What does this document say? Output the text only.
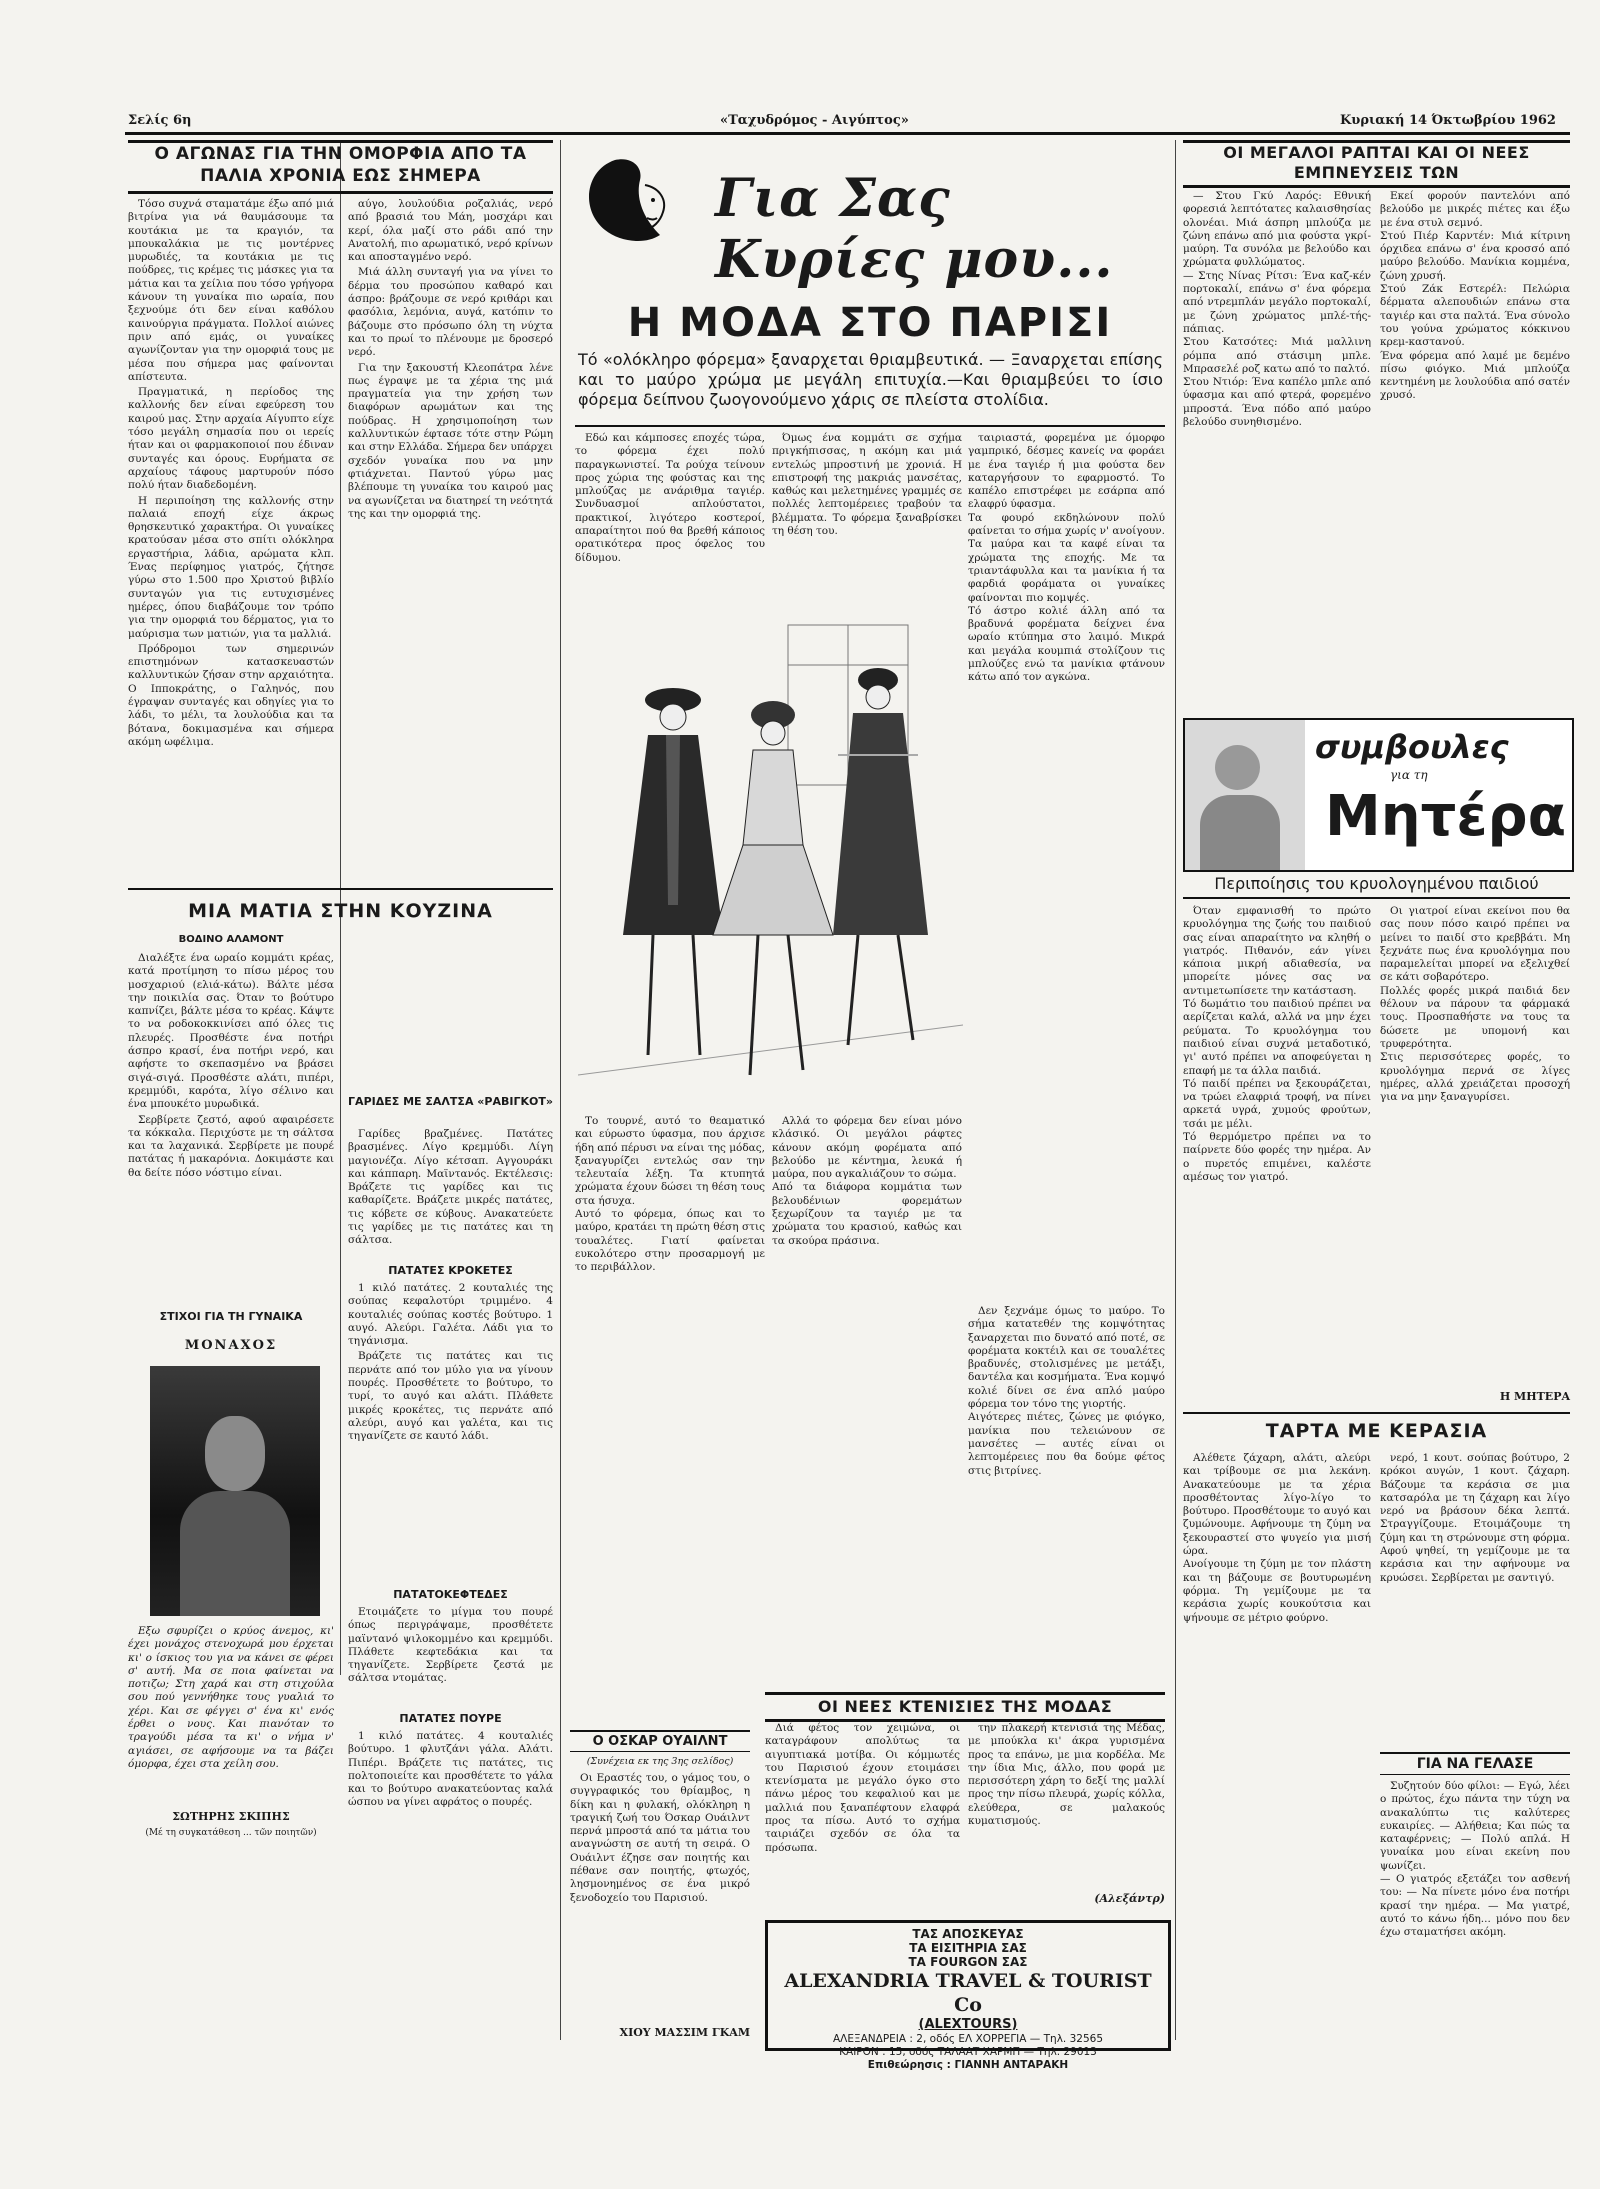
Σελίς 6η	«Ταχυδρόμος - Αιγύπτος»	Κυριακή 14 Όκτωβρίου 1962
Ο ΑΓΩΝΑΣ ΓΙΑ ΤΗΝ ΟΜΟΡΦΙΑ ΑΠΟ ΤΑ ΠΑΛΙΑ ΧΡΟΝΙΑ ΕΩΣ ΣΗΜΕΡΑ

Τόσο συχνά σταματάμε έξω από μιά βιτρίνα για νά θαυμάσουμε τα κουτάκια με τα κραγιόν, τα μπουκαλάκια με τις μοντέρνες μυρωδιές, τα κουτάκια με τις πούδρες, τις κρέμες τις μάσκες για τα μάτια και τα χείλια που τόσο γρήγορα κάνουν τη γυναίκα πιο ωραία, που ξεχνούμε ότι δεν είναι καθόλου καινούργια πράγματα. Πολλοί αιώνες πριν από εμάς, οι γυναίκες αγωνίζονταν για την ομορφιά τους με μέσα που σήμερα μας φαίνονται απίστευτα.

Πραγματικά, η περίοδος της καλλονής δεν είναι εφεύρεση του καιρού μας. Στην αρχαία Αίγυπτο είχε τόσο μεγάλη σημασία που οι ιερείς ήταν και οι φαρμακοποιοί που έδιναν συνταγές και όρους. Ευρήματα σε αρχαίους τάφους μαρτυρούν πόσο πολύ ήταν διαδεδομένη.

Η περιποίηση της καλλονής στην παλαιά εποχή είχε άκρως θρησκευτικό χαρακτήρα. Οι γυναίκες κρατούσαν μέσα στο σπίτι ολόκληρα εργαστήρια, λάδια, αρώματα κλπ. Ένας περίφημος γιατρός, ζήτησε γύρω στο 1.500 προ Χριστού βιβλίο συνταγών για τις ευτυχισμένες ημέρες, όπου διαβάζουμε τον τρόπο για την ομορφιά του δέρματος, για το μαύρισμα των ματιών, για τα μαλλιά.

Πρόδρομοι των σημερινών επιστημόνων κατασκευαστών καλλυντικών ζήσαν στην αρχαιότητα. Ο Ιπποκράτης, ο Γαληνός, που έγραψαν συνταγές και οδηγίες για το λάδι, το μέλι, τα λουλούδια και τα βότανα, δοκιμασμένα και σήμερα ακόμη ωφέλιμα.

αύγο, λουλούδια ροζαλιάς, νερό από βρασιά του Μάη, μοσχάρι και κερί, όλα μαζί στο ράδι από την Ανατολή, πιο αρωματικό, νερό κρίνων και αποσταγμένο νερό.

Μιά άλλη συνταγή για να γίνει το δέρμα του προσώπου καθαρό και άσπρο: βράζουμε σε νερό κριθάρι και φασόλια, λεμόνια, αυγά, κατόπιν το βάζουμε στο πρόσωπο όλη τη νύχτα και το πρωί το πλένουμε με δροσερό νερό.

Για την ξακουστή Κλεοπάτρα λένε πως έγραψε με τα χέρια της μιά πραγματεία για την χρήση των διαφόρων αρωμάτων και της πούδρας. Η χρησιμοποίηση των καλλυντικών έφτασε τότε στην Ρώμη και στην Ελλάδα. Σήμερα δεν υπάρχει σχεδόν γυναίκα που να μην φτιάχνεται. Παντού γύρω μας βλέπουμε τη γυναίκα του καιρού μας να αγωνίζεται να διατηρεί τη νεότητά της και την ομορφιά της.

ΜΙΑ ΜΑΤΙΑ ΣΤΗΝ ΚΟΥΖΙΝΑ
ΒΟΔΙΝΟ ΑΛΑΜΟΝΤ

Διαλέξτε ένα ωραίο κομμάτι κρέας, κατά προτίμηση το πίσω μέρος του μοσχαριού (ελιά-κάτω). Βάλτε μέσα την ποικιλία σας. Όταν το βούτυρο καπνίζει, βάλτε μέσα το κρέας. Κάψτε το να ροδοκοκκινίσει από όλες τις πλευρές. Προσθέστε ένα ποτήρι άσπρο κρασί, ένα ποτήρι νερό, και αφήστε το σκεπασμένο να βράσει σιγά-σιγά. Προσθέστε αλάτι, πιπέρι, κρεμμύδι, καρότα, λίγο σέλινο και ένα μπουκέτο μυρωδικά.

Σερβίρετε ζεστό, αφού αφαιρέσετε τα κόκκαλα. Περιχύστε με τη σάλτσα και τα λαχανικά. Σερβίρετε με πουρέ πατάτας ή μακαρόνια. Δοκιμάστε και θα δείτε πόσο νόστιμο είναι.

ΣΤΙΧΟΙ ΓΙΑ ΤΗ ΓΥΝΑΙΚΑ
ΜΟΝΑΧΟΣ

Εξω σφυρίζει ο κρύος άνεμος, κι' έχει μονάχος στενοχωρά μου έρχεται κι' ο ίσκιος του για να κάνει σε φέρει σ' αυτή. Μα σε ποια φαίνεται να ποτιζω; Στη χαρά και στη στιχούλα σου πού γεννήθηκε τους γυαλιά το χέρι. Και σε φέγγει σ' ένα κι' ενός έρθει ο νους. Και πιανόταν το τραγούδι μέσα τα κι' ο νήμα ν' αγιάσει, σε αφήσουμε να τα βάζει όμορφα, έχει στα χείλη σου.

ΣΩΤΗΡΗΣ ΣΚΙΠΗΣ
(Μέ τη συγκατάθεση ... τῶν ποιητῶν)
ΓΑΡΙΔΕΣ ΜΕ ΣΑΛΤΣΑ «ΡΑΒΙΓΚΟΤ»

Γαρίδες βραζμένες. Πατάτες βρασμένες. Λίγο κρεμμύδι. Λίγη μαγιονέζα. Λίγο κέτσαπ. Αγγουράκι και κάππαρη. Μαϊντανός. Εκτέλεσις: Βράζετε τις γαρίδες και τις καθαρίζετε. Βράζετε μικρές πατάτες, τις κόβετε σε κύβους. Ανακατεύετε τις γαρίδες με τις πατάτες και τη σάλτσα.

ΠΑΤΑΤΕΣ ΚΡΟΚΕΤΕΣ

1 κιλό πατάτες. 2 κουταλιές της σούπας κεφαλοτύρι τριμμένο. 4 κουταλιές σούπας κοστές βούτυρο. 1 αυγό. Αλεύρι. Γαλέτα. Λάδι για το τηγάνισμα.

Βράζετε τις πατάτες και τις περνάτε από τον μύλο για να γίνουν πουρές. Προσθέτετε το βούτυρο, το τυρί, το αυγό και αλάτι. Πλάθετε μικρές κροκέτες, τις περνάτε από αλεύρι, αυγό και γαλέτα, και τις τηγανίζετε σε καυτό λάδι.

ΠΑΤΑΤΟΚΕΦΤΕΔΕΣ

Ετοιμάζετε το μίγμα του πουρέ όπως περιγράψαμε, προσθέτετε μαϊντανό ψιλοκομμένο και κρεμμύδι. Πλάθετε κεφτεδάκια και τα τηγανίζετε. Σερβίρετε ζεστά με σάλτσα ντομάτας.

ΠΑΤΑΤΕΣ ΠΟΥΡΕ

1 κιλό πατάτες. 4 κουταλιές βούτυρο. 1 φλυτζάνι γάλα. Αλάτι. Πιπέρι. Βράζετε τις πατάτες, τις πολτοποιείτε και προσθέτετε το γάλα και το βούτυρο ανακατεύοντας καλά ώσπου να γίνει αφράτος ο πουρές.

Ο ΟΣΚΑΡ ΟΥΑΙΛΝΤ
(Συνέχεια εκ της 3ης σελίδος)

Οι Εραστές του, ο γάμος του, ο συγγραφικός του θρίαμβος, η δίκη και η φυλακή, ολόκληρη η τραγική ζωή του Όσκαρ Ουάιλντ περνά μπροστά από τα μάτια του αναγνώστη σε αυτή τη σειρά. Ο Ουάιλντ έζησε σαν ποιητής και πέθανε σαν ποιητής, φτωχός, λησμονημένος σε ένα μικρό ξενοδοχείο του Παρισιού.

ΧΙΟΥ ΜΑΣΣΙΜ ΓΚΑΜ
Για Σας Κυρίες μου...
Η ΜΟΔΑ ΣΤΟ ΠΑΡΙΣΙ
Τό «ολόκληρο φόρεμα» ξαναρχεται θριαμβευτικά. — Ξαναρχεται επίσης και το μαύρο χρώμα με μεγάλη επιτυχία.—Και θριαμβεύει το ίσιο φόρεμα δείπνου ζωογονούμενο χάρις σε πλείστα στολίδια.

Εδώ και κάμποσες εποχές τώρα, το φόρεμα έχει πολύ παραγκωνιστεί. Τα ρούχα τείνουν προς χώρια της φούστας και της μπλούζας με ανάριθμα ταγιέρ. Συνδυασμοί απλούστατοι, πρακτικοί, λιγότερο κοστεροί, απαραίτητοι πού θα βρεθή κάποιος ορατικότερα προς όφελος του δίδυμου.

Όμως ένα κομμάτι σε σχήμα πριγκήπισσας, η ακόμη και μιά εντελώς μπροστινή με χρονιά. Η επιστροφή της μακριάς μανσέτας, καθώς και μελετημένες γραμμές σε πολλές λεπτομέρειες τραβούν τα βλέμματα. Το φόρεμα ξαναβρίσκει τη θέση του.

ταιριαστά, φορεμένα με όμορφο γαμπρικό, δέσμες κανείς να φοράει με ένα ταγιέρ ή μια φούστα δεν καταργήσουν το εφαρμοστό. Το καπέλο επιστρέφει με εσάρπα από ελαφρύ ύφασμα.
Τα φουρό εκδηλώνουν πολύ φαίνεται το σήμα χωρίς ν' ανοίγουν. Τα μαύρα και τα καφέ είναι τα χρώματα της εποχής. Με τα τριαντάφυλλα και τα μανίκια ή τα φαρδιά φοράματα οι γυναίκες φαίνονται πιο κομψές.
Τό άστρο κολιέ άλλη από τα βραδυνά φορέματα δείχνει ένα ωραίο κτύπημα στο λαιμό. Μικρά και μεγάλα κουμπιά στολίζουν τις μπλούζες ενώ τα μανίκια φτάνουν κάτω από τον αγκώνα.

Το τουρνέ, αυτό το θεαματικό και εύρωστο ύφασμα, που άρχισε ήδη από πέρυσι να είναι της μόδας, ξαναγυρίζει εντελώς σαν την τελευταία λέξη. Τα κτυπητά χρώματα έχουν δώσει τη θέση τους στα ήσυχα.
Αυτό το φόρεμα, όπως και το μαύρο, κρατάει τη πρώτη θέση στις τουαλέτες. Γιατί φαίνεται ευκολότερο στην προσαρμογή με το περιβάλλον.

Αλλά το φόρεμα δεν είναι μόνο κλάσικό. Οι μεγάλοι ράφτες κάνουν ακόμη φορέματα από βελούδο με κέντημα, λευκά ή μαύρα, που αγκαλιάζουν το σώμα.
Από τα διάφορα κομμάτια των βελουδένιων φορεμάτων ξεχωρίζουν τα ταγιέρ με τα χρώματα του κρασιού, καθώς και τα σκούρα πράσινα.

Δεν ξεχνάμε όμως το μαύρο. Το σήμα κατατεθέν της κομψότητας ξαναρχεται πιο δυνατό από ποτέ, σε φορέματα κοκτέιλ και σε τουαλέτες βραδυνές, στολισμένες με μετάξι, δαντέλα και κοσμήματα. Ένα κομψό κολιέ δίνει σε ένα απλό μαύρο φόρεμα τον τόνο της γιορτής.
Αιγότερες πιέτες, ζώνες με φιόγκο, μανίκια που τελειώνουν σε μανσέτες — αυτές είναι οι λεπτομέρειες που θα δούμε φέτος στις βιτρίνες.

ΟΙ ΝΕΕΣ ΚΤΕΝΙΣΙΕΣ ΤΗΣ ΜΟΔΑΣ

Διά φέτος τον χειμώνα, οι καταγράφουν απολύτως τα αιγυπτιακά μοτίβα. Οι κόμμωτές του Παρισιού έχουν ετοιμάσει κτενίσματα με μεγάλο όγκο στο πάνω μέρος του κεφαλιού και με μαλλιά που ξαναπέφτουν ελαφρά προς τα πίσω. Αυτό το σχήμα ταιριάζει σχεδόν σε όλα τα πρόσωπα.

την πλακερή κτενισιά της Μέδας, με μπούκλα κι' άκρα γυρισμένα προς τα επάνω, με μια κορδέλα. Με την ίδια Μις, άλλο, που φορά με περισσότερη χάρη το δεξί της μαλλί προς την πίσω πλευρά, χωρίς κόλλα, ελεύθερα, σε μαλακούς κυματισμούς.

(Αλεξάντρ)
ΤΑΣ ΑΠΟΣΚΕΥΑΣ
ΤΑ ΕΙΣΙΤΗΡΙΑ ΣΑΣ
ΤΑ FOURGON ΣΑΣ
ALEXANDRIA TRAVEL & TOURIST Co
(ALEXTOURS)
ΑΛΕΞΑΝΔΡΕΙΑ : 2, οδός ΕΛ ΧΟΡΡΕΓΙΑ — Τηλ. 32565
ΚΑΙΡΟΝ : 15, οδός ΤΑΛΑΑΤ ΧΑΡΜΠ — Τηλ. 29013
Επιθεώρησις : ΓΙΑΝΝΗ ΑΝΤΑΡΑΚΗ
ΟΙ ΜΕΓΑΛΟΙ ΡΑΠΤΑΙ ΚΑΙ ΟΙ ΝΕΕΣ ΕΜΠΝΕΥΣΕΙΣ ΤΩΝ

— Στου Γκύ Λαρός: Εθνική φορεσιά λεπτότατες καλαισθησίας ολονέαι. Μιά άσπρη μπλούζα με ζώνη επάνω από μια φούστα γκρί-μαύρη. Τα συνόλα με βελούδο και χρώματα φυλλώματος.
— Στης Νίνας Ρίτσι: Ένα καζ-κέν πορτοκαλί, επάνω σ' ένα φόρεμα από ντρεμπλάν μεγάλο πορτοκαλί, με ζώνη χρώματος μπλέ-τής-πάπιας.
Στου Κατσότες: Μιά μαλλινη ρόμπα από στάσιμη μπλε. Μπρασελέ ροζ κατω από το παλτό.
Στου Ντιόρ: Ένα καπέλο μπλε από ύφασμα και από φτερά, φορεμένο μπροστά. Ένα πόδο από μαύρο βελούδο συνηθισμένο.

Εκεί φορούν παντελόνι από βελούδο με μικρές πιέτες και έξω με ένα στυλ σεμνό.
Στού Πιέρ Καρντέν: Μιά κίτρινη όρχιδεα επάνω σ' ένα κροσσό από μαύρο βελούδο. Μανίκια κομμένα, ζώνη χρυσή.
Στού Ζάκ Εστερέλ: Πελώρια δέρματα αλεπουδιών επάνω στα ταγιέρ και στα παλτά. Ένα σύνολο του γούνα χρώματος κόκκινου κρεμ-καστανού.
Ένα φόρεμα από λαμέ με δεμένο πίσω φιόγκο. Μιά μπλούζα κεντημένη με λουλούδια από σατέν χρυσό.

συμβουλες
για τη
Μητέρα
Περιποίησις του κρυολογημένου παιδιού

Όταν εμφανισθή το πρώτο κρυολόγημα της ζωής του παιδιού σας είναι απαραίτητο να κληθή ο γιατρός. Πιθανόν, εάν γίνει κάποια μικρή αδιαθεσία, να μπορείτε μόνες σας να αντιμετωπίσετε την κατάσταση.
Τό δωμάτιο του παιδιού πρέπει να αερίζεται καλά, αλλά να μην έχει ρεύματα. Το κρυολόγημα του παιδιού είναι συχνά μεταδοτικό, γι' αυτό πρέπει να αποφεύγεται η επαφή με τα άλλα παιδιά.
Τό παιδί πρέπει να ξεκουράζεται, να τρώει ελαφριά τροφή, να πίνει αρκετά υγρά, χυμούς φρούτων, τσάι με μέλι.
Τό θερμόμετρο πρέπει να το παίρνετε δύο φορές την ημέρα. Αν ο πυρετός επιμένει, καλέστε αμέσως τον γιατρό.

Οι γιατροί είναι εκείνοι που θα σας πουν πόσο καιρό πρέπει να μείνει το παιδί στο κρεββάτι. Μη ξεχνάτε πως ένα κρυολόγημα που παραμελείται μπορεί να εξελιχθεί σε κάτι σοβαρότερο.
Πολλές φορές μικρά παιδιά δεν θέλουν να πάρουν τα φάρμακά τους. Προσπαθήστε να τους τα δώσετε με υπομονή και τρυφερότητα.
Στις περισσότερες φορές, το κρυολόγημα περνά σε λίγες ημέρες, αλλά χρειάζεται προσοχή για να μην ξαναγυρίσει.

Η ΜΗΤΕΡΑ
ΤΑΡΤΑ ΜΕ ΚΕΡΑΣΙΑ

Αλέθετε ζάχαρη, αλάτι, αλεύρι και τρίβουμε σε μια λεκάνη. Ανακατεύουμε με τα χέρια προσθέτοντας λίγο-λίγο το βούτυρο. Προσθέτουμε το αυγό και ζυμώνουμε. Αφήνουμε τη ζύμη να ξεκουραστεί στο ψυγείο για μισή ώρα.
Ανοίγουμε τη ζύμη με τον πλάστη και τη βάζουμε σε βουτυρωμένη φόρμα. Τη γεμίζουμε με τα κεράσια χωρίς κουκούτσια και ψήνουμε σε μέτριο φούρνο.

νερό, 1 κουτ. σούπας βούτυρο, 2 κρόκοι αυγών, 1 κουτ. ζάχαρη. Βάζουμε τα κεράσια σε μια κατσαρόλα με τη ζάχαρη και λίγο νερό να βράσουν δέκα λεπτά. Στραγγίζουμε. Ετοιμάζουμε τη ζύμη και τη στρώνουμε στη φόρμα. Αφού ψηθεί, τη γεμίζουμε με τα κεράσια και την αφήνουμε να κρυώσει. Σερβίρεται με σαντιγύ.

ΓΙΑ ΝΑ ΓΕΛΑΣΕ

Συζητούν δύο φίλοι: — Εγώ, λέει ο πρώτος, έχω πάντα την τύχη να ανακαλύπτω τις καλύτερες ευκαιρίες. — Αλήθεια; Και πώς τα καταφέρνεις; — Πολύ απλά. Η γυναίκα μου είναι εκείνη που ψωνίζει.
— Ο γιατρός εξετάζει τον ασθενή του: — Να πίνετε μόνο ένα ποτήρι κρασί την ημέρα. — Μα γιατρέ, αυτό το κάνω ήδη... μόνο που δεν έχω σταματήσει ακόμη.
